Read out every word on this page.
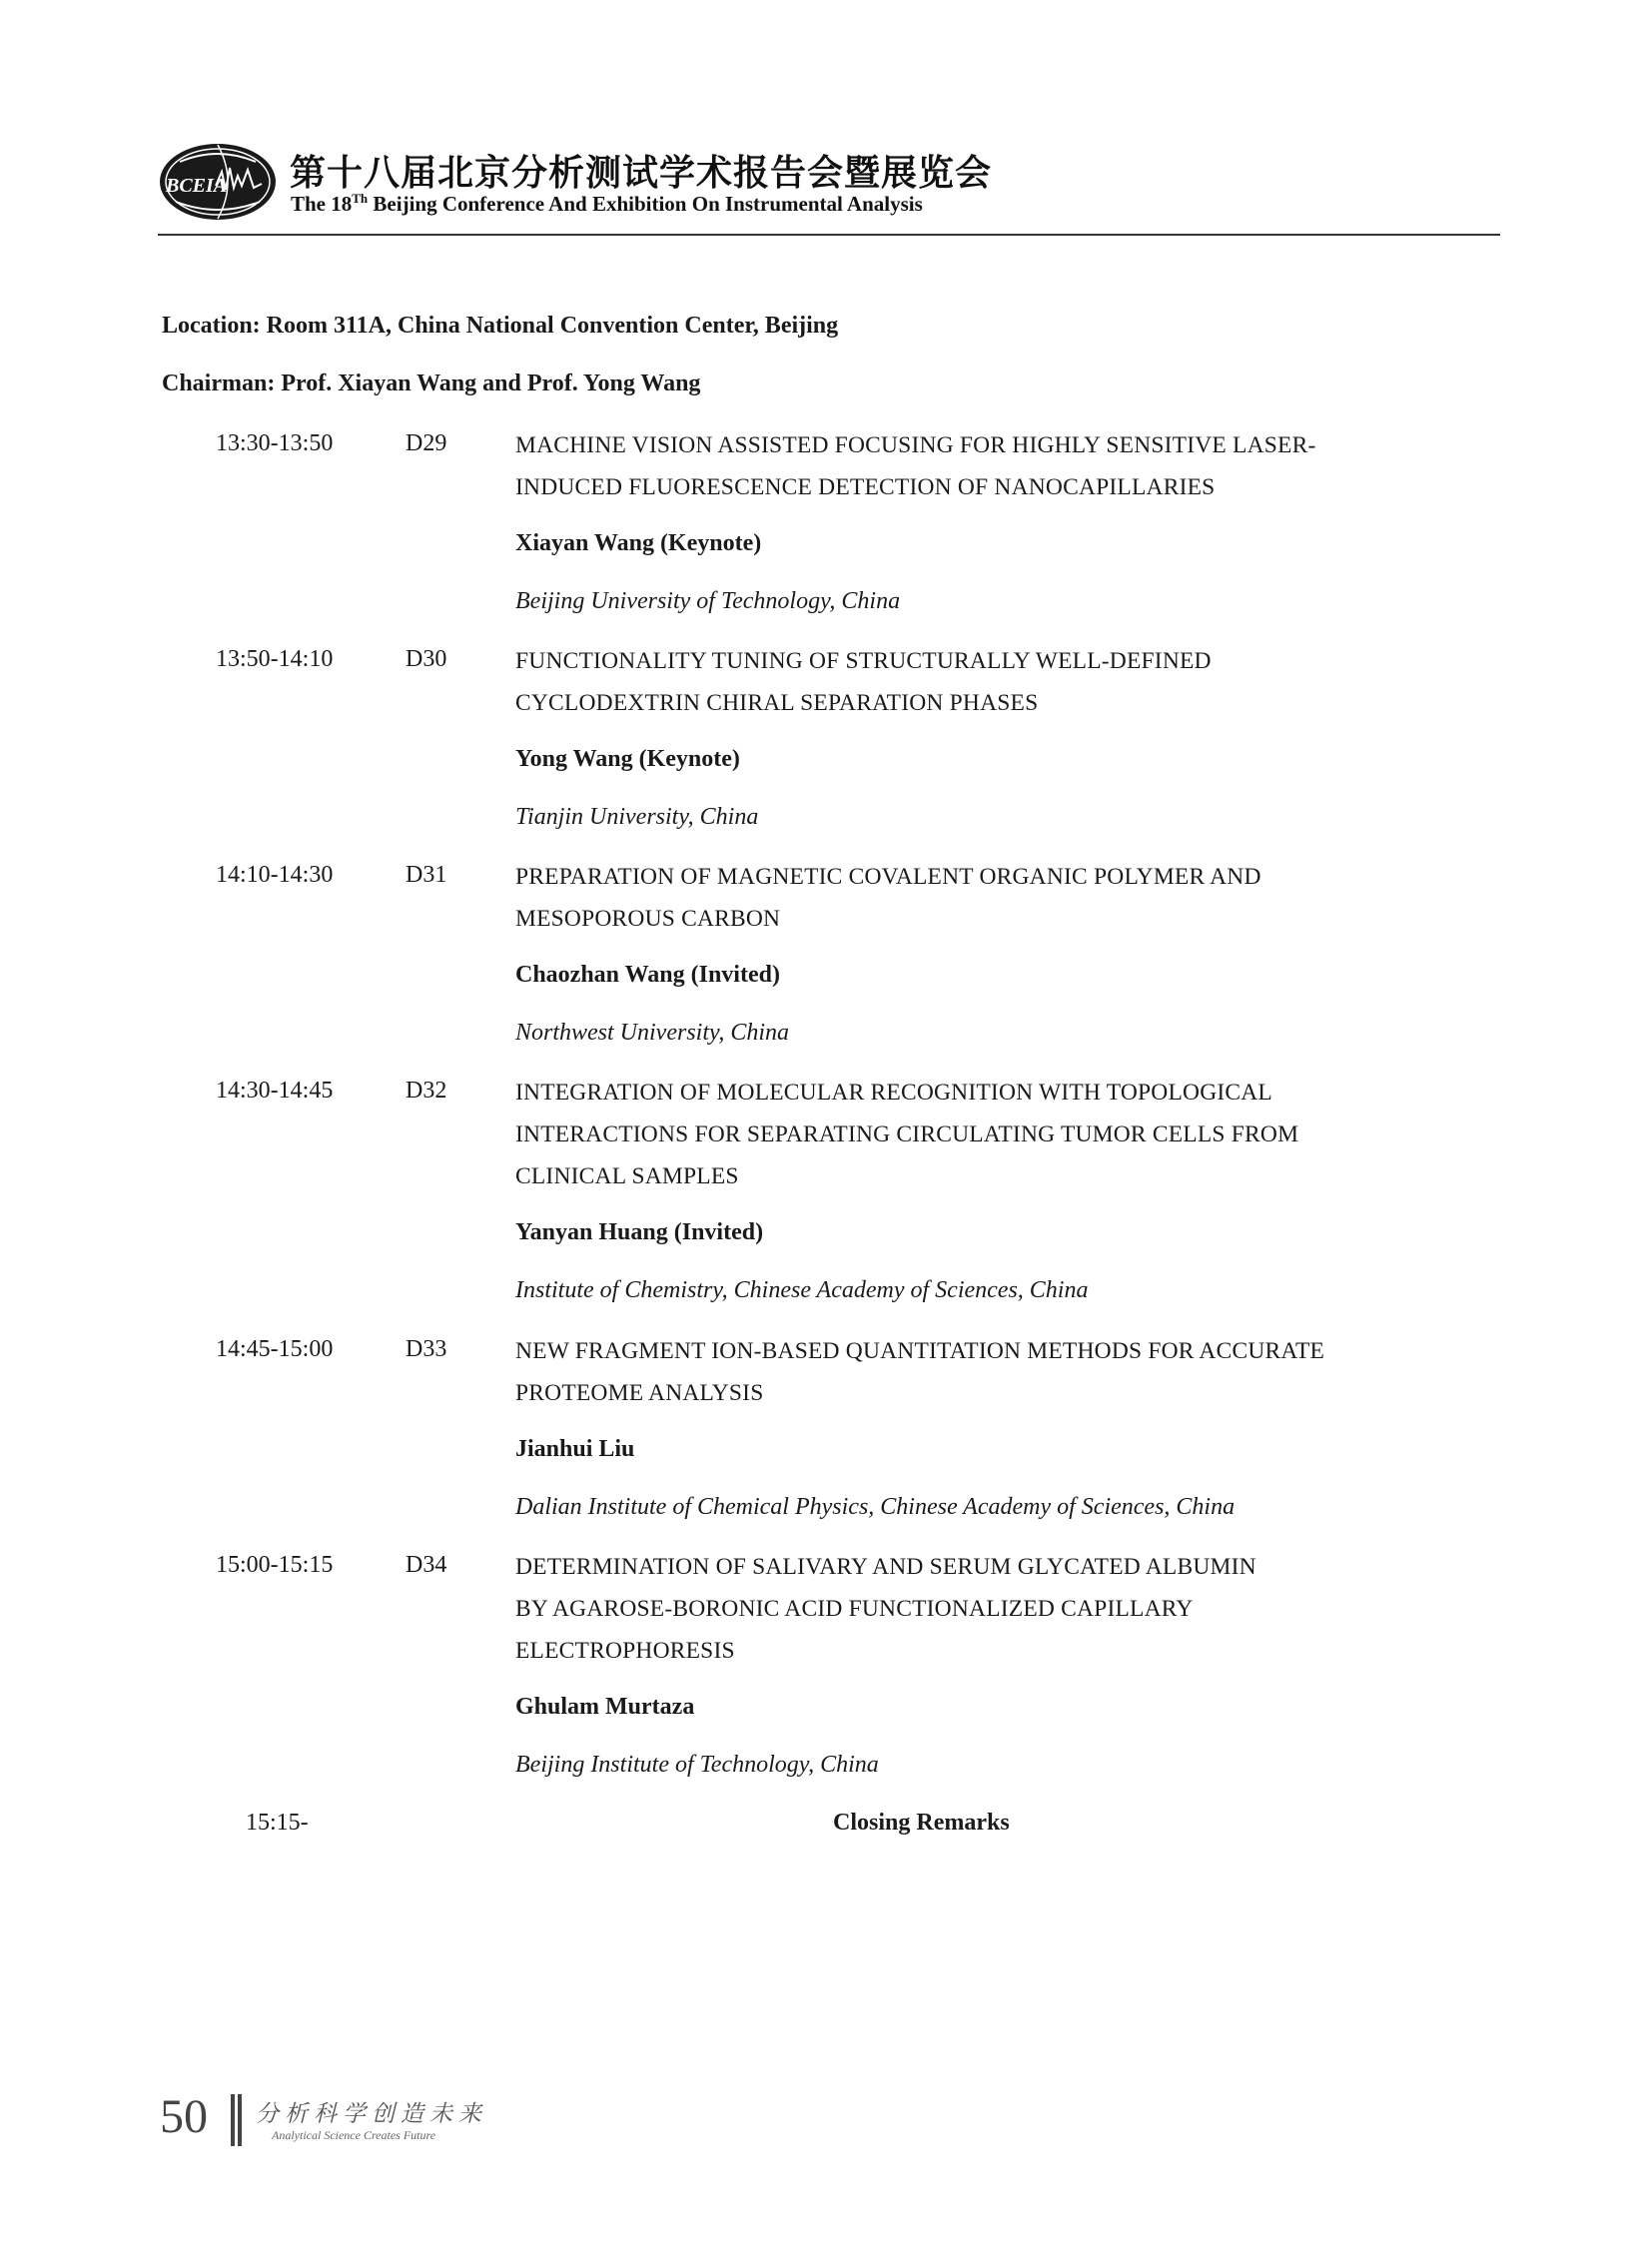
BCEIA 第十八届北京分析测试学术报告会暨展览会
The 18Th Beijing Conference And Exhibition On Instrumental Analysis
Location: Room 311A, China National Convention Center, Beijing
Chairman: Prof. Xiayan Wang and Prof. Yong Wang
13:30-13:50	D29	MACHINE VISION ASSISTED FOCUSING FOR HIGHLY SENSITIVE LASER-
INDUCED FLUORESCENCE DETECTION OF NANOCAPILLARIES
Xiayan Wang (Keynote)
Beijing University of Technology, China
13:50-14:10	D30	FUNCTIONALITY TUNING OF STRUCTURALLY WELL-DEFINED
CYCLODEXTRIN CHIRAL SEPARATION PHASES
Yong Wang (Keynote)
Tianjin University, China
14:10-14:30	D31	PREPARATION OF MAGNETIC COVALENT ORGANIC POLYMER AND
MESOPOROUS CARBON
Chaozhan Wang (Invited)
Northwest University, China
14:30-14:45	D32	INTEGRATION OF MOLECULAR RECOGNITION WITH TOPOLOGICAL
INTERACTIONS FOR SEPARATING CIRCULATING TUMOR CELLS FROM
CLINICAL SAMPLES
Yanyan Huang (Invited)
Institute of Chemistry, Chinese Academy of Sciences, China
14:45-15:00	D33	NEW FRAGMENT ION-BASED QUANTITATION METHODS FOR ACCURATE
PROTEOME ANALYSIS
Jianhui Liu
Dalian Institute of Chemical Physics, Chinese Academy of Sciences, China
15:00-15:15	D34	DETERMINATION OF SALIVARY AND SERUM GLYCATED ALBUMIN
BY AGAROSE-BORONIC ACID FUNCTIONALIZED CAPILLARY
ELECTROPHORESIS
Ghulam Murtaza
Beijing Institute of Technology, China
15:15-	Closing Remarks
50 分析科学创造未来
Analytical Science Creates Future
